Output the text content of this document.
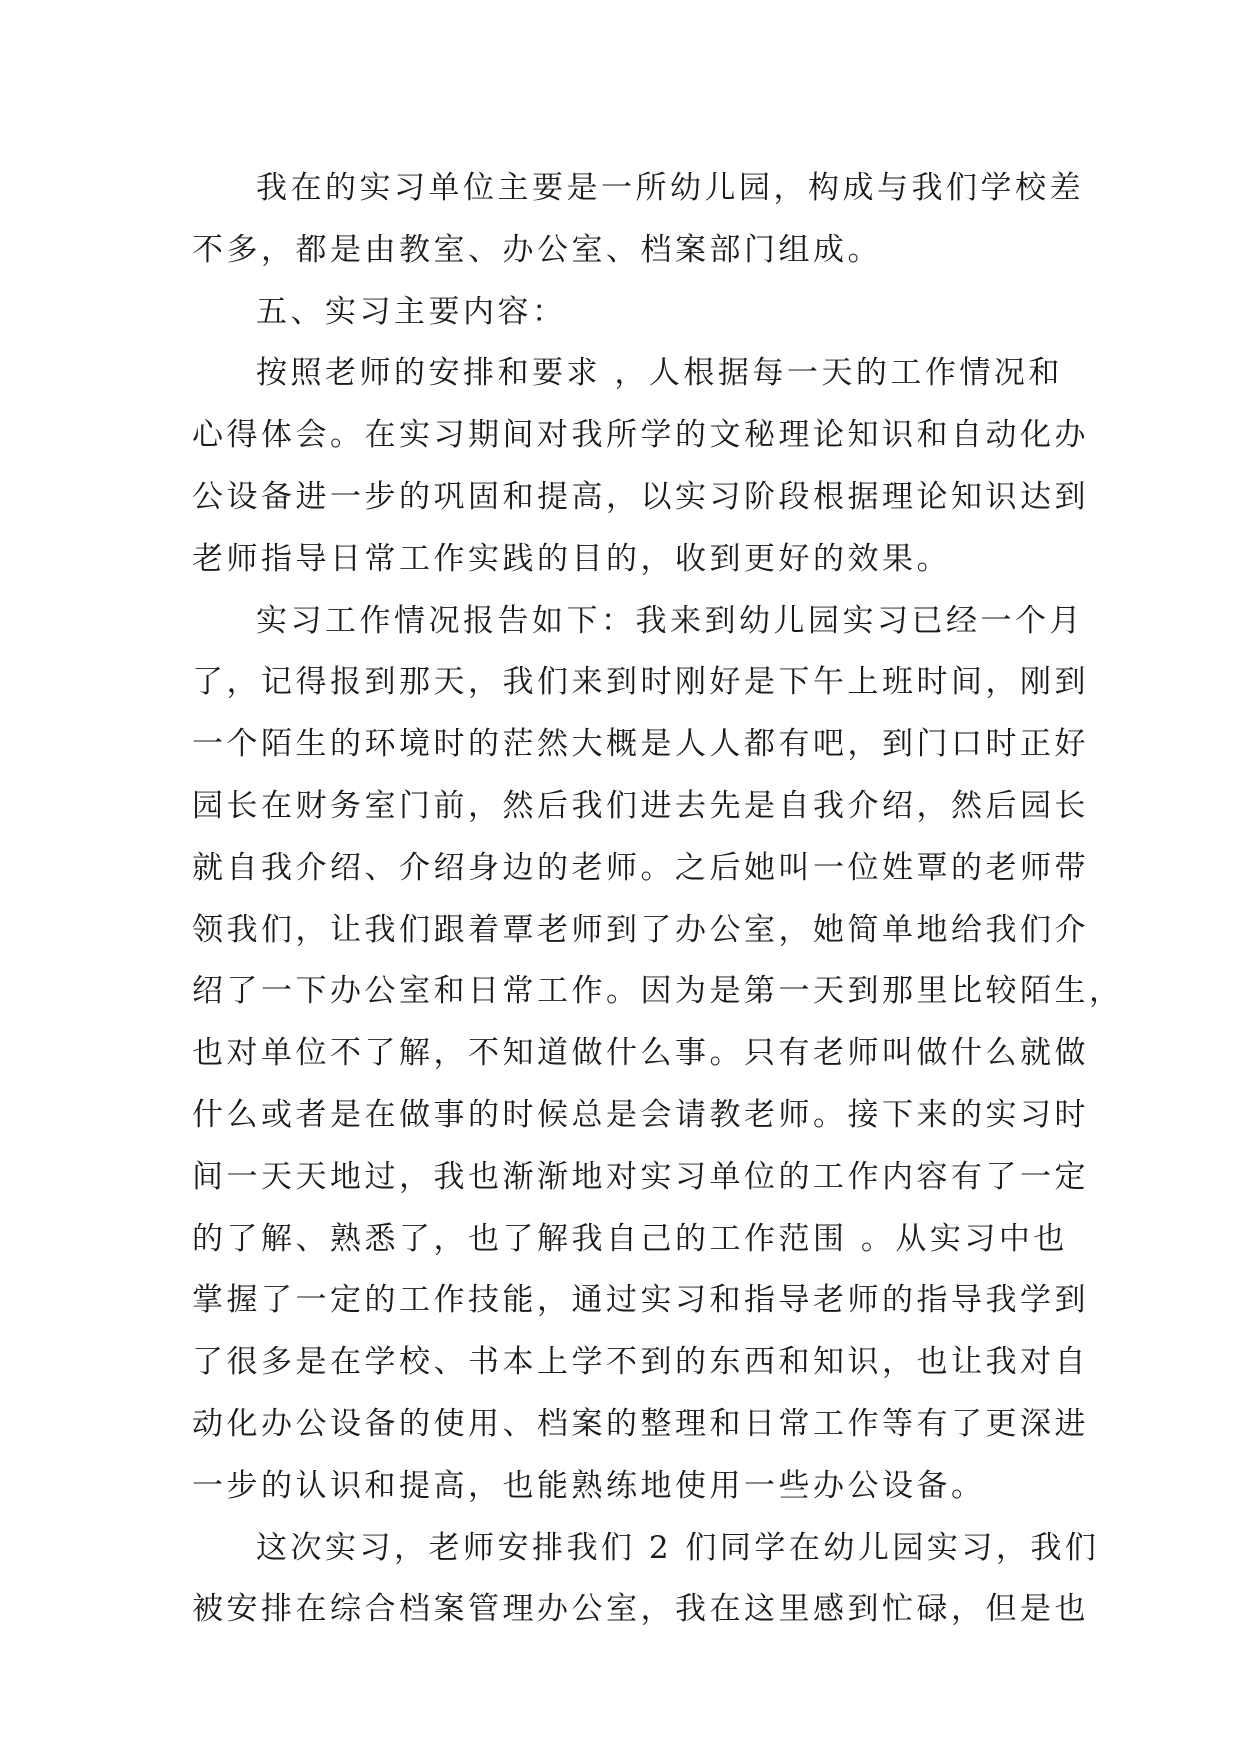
我在的实习单位主要是一所幼儿园，构成与我们学校差
不多，都是由教室、办公室、档案部门组成。
五、实习主要内容：
按照老师的安排和要求 ，人根据每一天的工作情况和
心得体会。在实习期间对我所学的文秘理论知识和自动化办
公设备进一步的巩固和提高，以实习阶段根据理论知识达到
老师指导日常工作实践的目的，收到更好的效果。
实习工作情况报告如下：我来到幼儿园实习已经一个月
了，记得报到那天，我们来到时刚好是下午上班时间，刚到
一个陌生的环境时的茫然大概是人人都有吧，到门口时正好
园长在财务室门前，然后我们进去先是自我介绍，然后园长
就自我介绍、介绍身边的老师。之后她叫一位姓覃的老师带
领我们，让我们跟着覃老师到了办公室，她简单地给我们介
绍了一下办公室和日常工作。因为是第一天到那里比较陌生，
也对单位不了解，不知道做什么事。只有老师叫做什么就做
什么或者是在做事的时候总是会请教老师。接下来的实习时
间一天天地过，我也渐渐地对实习单位的工作内容有了一定
的了解、熟悉了，也了解我自己的工作范围 。从实习中也
掌握了一定的工作技能，通过实习和指导老师的指导我学到
了很多是在学校、书本上学不到的东西和知识，也让我对自
动化办公设备的使用、档案的整理和日常工作等有了更深进
一步的认识和提高，也能熟练地使用一些办公设备。
这次实习，老师安排我们 2 们同学在幼儿园实习，我们
被安排在综合档案管理办公室，我在这里感到忙碌，但是也
